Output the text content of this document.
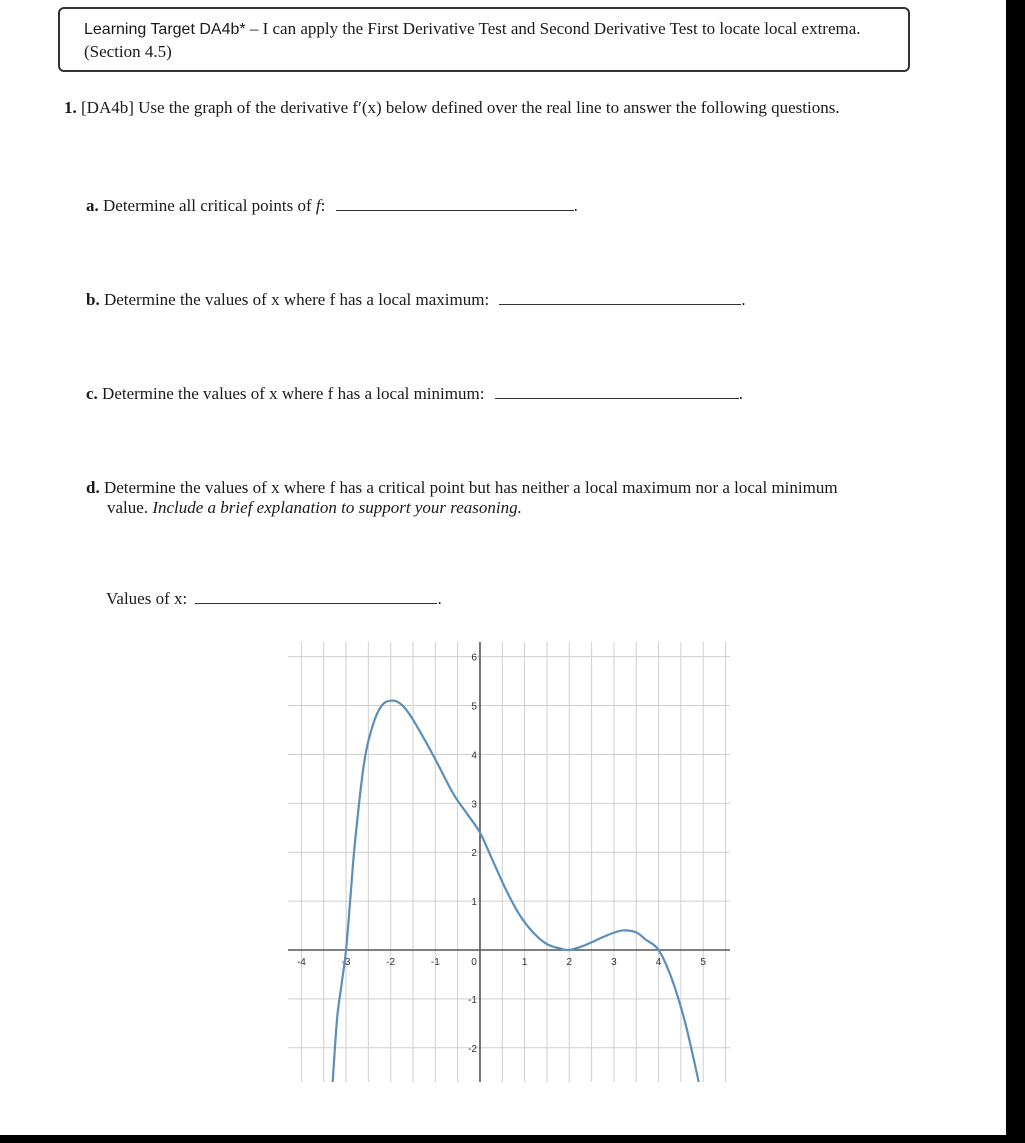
Learning Target DA4b* – I can apply the First Derivative Test and Second Derivative Test to locate local extrema. (Section 4.5)
1. [DA4b] Use the graph of the derivative f′(x) below defined over the real line to answer the following questions.
a. Determine all critical points of f:	.
b. Determine the values of x where f has a local maximum:	.
c. Determine the values of x where f has a local minimum:	.
d. Determine the values of x where f has a critical point but has neither a local maximum nor a local minimum
value. Include a brief explanation to support your reasoning.
Values of x:	.
-4	-3	-2	-1	0	1	2	3	4	5
-2
-1
1
2
3
4
5
6
